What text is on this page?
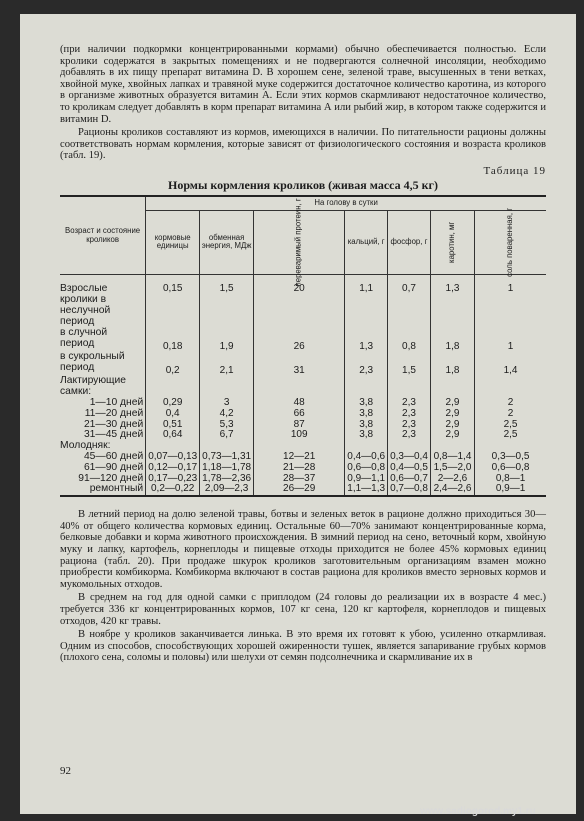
(при наличии подкормки концентрированными кормами) обычно обеспечивается полностью. Если кролики содержатся в закрытых помещениях и не подвергаются солнечной инсоляции, необходимо добавлять в их пищу препарат витамина D. В хорошем сене, зеленой траве, высушенных в тени ветках, хвойной муке, хвойных лапках и травяной муке содержится достаточное количество каротина, из которого в организме животных образуется витамин А. Если этих кормов скармливают недостаточное количество, то кроликам следует добавлять в корм препарат витамина А или рыбий жир, в котором также содержится и витамин D.

Рационы кроликов составляют из кормов, имеющихся в наличии. По питательности рационы должны соответствовать нормам кормления, которые зависят от физиологического состояния и возраста кроликов (табл. 19).

Таблица 19
Нормы кормления кроликов (живая масса 4,5 кг)
Возраст и состояние кроликов	На голову в сутки						
	кормовые единицы	обменная энергия, МДж	переваримый протеин, г	кальций, г	фосфор, г	каротин, мг	соль поваренная, г

Взрослые кролики в неслучной период	0,15	1,5	20	1,1	0,7	1,3	1
в случной период	0,18	1,9	26	1,3	0,8	1,8	1
в сукрольный период	0,2	2,1	31	2,3	1,5	1,8	1,4
Лактирующие самки:							
1—10 дней	0,29	3	48	3,8	2,3	2,9	2
11—20 дней	0,4	4,2	66	3,8	2,3	2,9	2
21—30 дней	0,51	5,3	87	3,8	2,3	2,9	2,5
31—45 дней	0,64	6,7	109	3,8	2,3	2,9	2,5
Молодняк:							
45—60 дней	0,07—0,13	0,73—1,31	12—21	0,4—0,6	0,3—0,4	0,8—1,4	0,3—0,5
61—90 дней	0,12—0,17	1,18—1,78	21—28	0,6—0,8	0,4—0,5	1,5—2,0	0,6—0,8
91—120 дней	0,17—0,23	1,78—2,36	28—37	0,9—1,1	0,6—0,7	2—2,6	0,8—1
ремонтный	0,2—0,22	2,09—2,3	26—29	1,1—1,3	0,7—0,8	2,4—2,6	0,9—1

В летний период на долю зеленой травы, ботвы и зеленых веток в рационе должно приходиться 30—40% от общего количества кормовых единиц. Остальные 60—70% занимают концентрированные корма, белковые добавки и корма животного происхождения. В зимний период на сено, веточный корм, хвойную муку и лапку, картофель, корнеплоды и пищевые отходы приходится не более 45% кормовых единиц рациона (табл. 20). При продаже шкурок кроликов заготовительным организациям взамен можно приобрести комбикорма. Комбикорма включают в состав рациона для кроликов вместо зерновых кормов и мукомольных отходов.

В среднем на год для одной самки с приплодом (24 головы до реализации их в возрасте 4 мес.) требуется 336 кг концентрированных кормов, 107 кг сена, 120 кг картофеля, корнеплодов и пищевых отходов, 420 кг травы.

В ноябре у кроликов заканчивается линька. В это время их готовят к убою, усиленно откармливая. Одним из способов, способствующих хорошей ожиренности тушек, является запаривание грубых кормов (плохого сена, соломы и половы) или шелухи от семян подсолнечника и скармливание их в

92
www.sadiogorod.my1.ru
